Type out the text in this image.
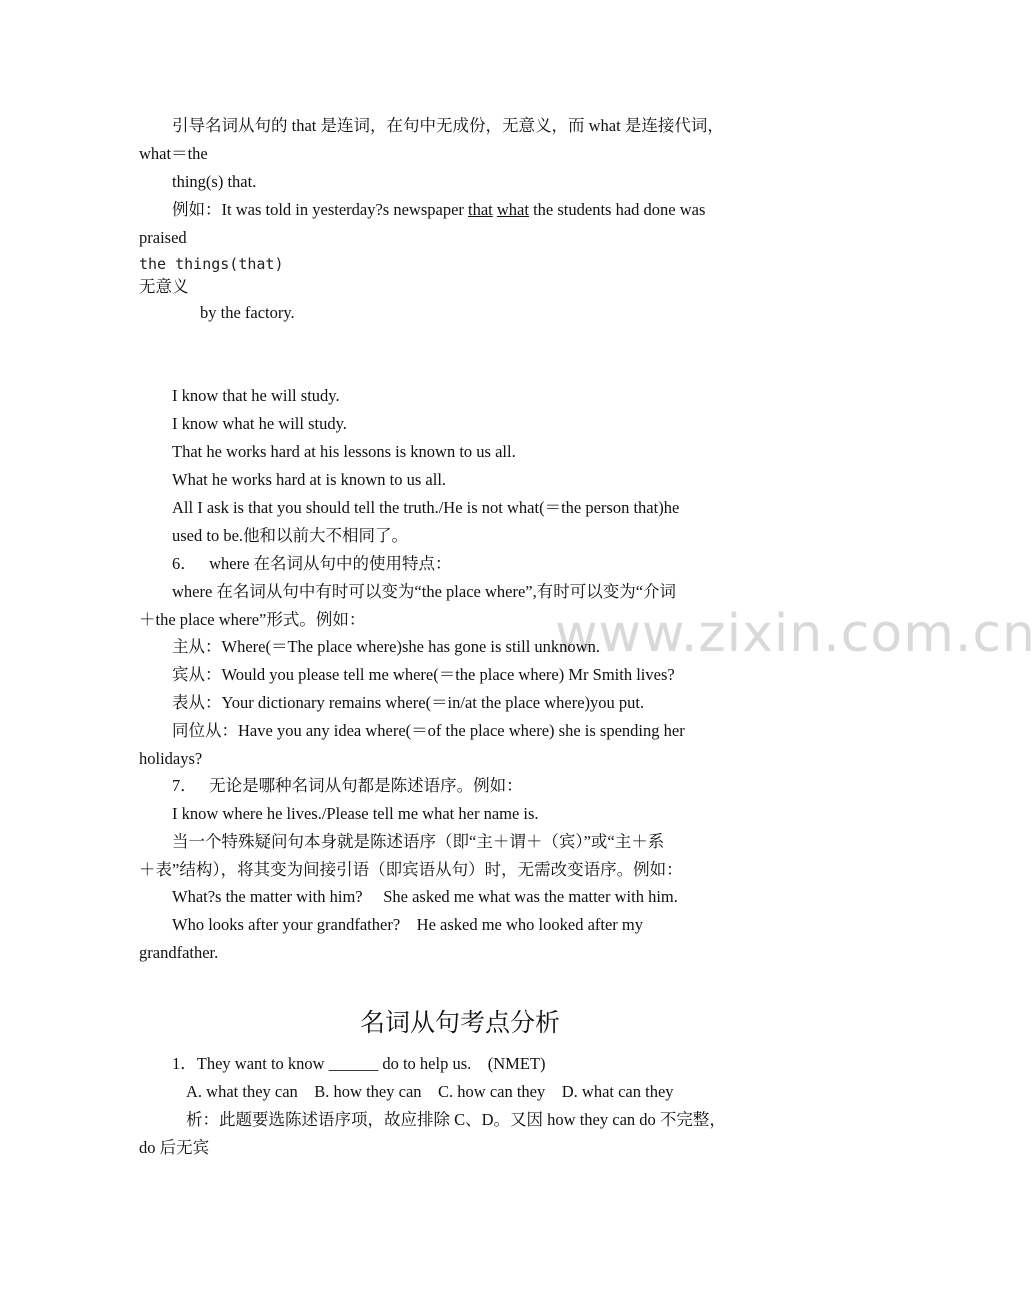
www.zixin.com.cn
引导名词从句的 that 是连词，在句中无成份，无意义，而 what 是连接代词，
what＝the
thing(s) that.
例如：It was told in yesterday?s newspaper that what the students had done was
praised
the things(that)
无意义
by the factory.
I know that he will study.
I know what he will study.
That he works hard at his lessons is known to us all.
What he works hard at is known to us all.
All I ask is that you should tell the truth./He is not what(＝the person that)he
used to be.他和以前大不相同了。
6．   where 在名词从句中的使用特点：
where 在名词从句中有时可以变为“the place where”,有时可以变为“介词
＋the place where”形式。例如：
主从：Where(＝The place where)she has gone is still unknown.
宾从：Would you please tell me where(＝the place where) Mr Smith lives?
表从：Your dictionary remains where(＝in/at the place where)you put.
同位从：Have you any idea where(＝of the place where) she is spending her
holidays?
7．   无论是哪种名词从句都是陈述语序。例如：
I know where he lives./Please tell me what her name is.
当一个特殊疑问句本身就是陈述语序（即“主＋谓＋（宾）”或“主＋系
＋表”结构），将其变为间接引语（即宾语从句）时，无需改变语序。例如：
What?s the matter with him?     She asked me what was the matter with him.
Who looks after your grandfather?    He asked me who looked after my
grandfather.
名词从句考点分析
1．They want to know ______ do to help us.    (NMET)
A. what they can    B. how they can    C. how can they    D. what can they
析：此题要选陈述语序项，故应排除 C、D。又因 how they can do 不完整，
do 后无宾
